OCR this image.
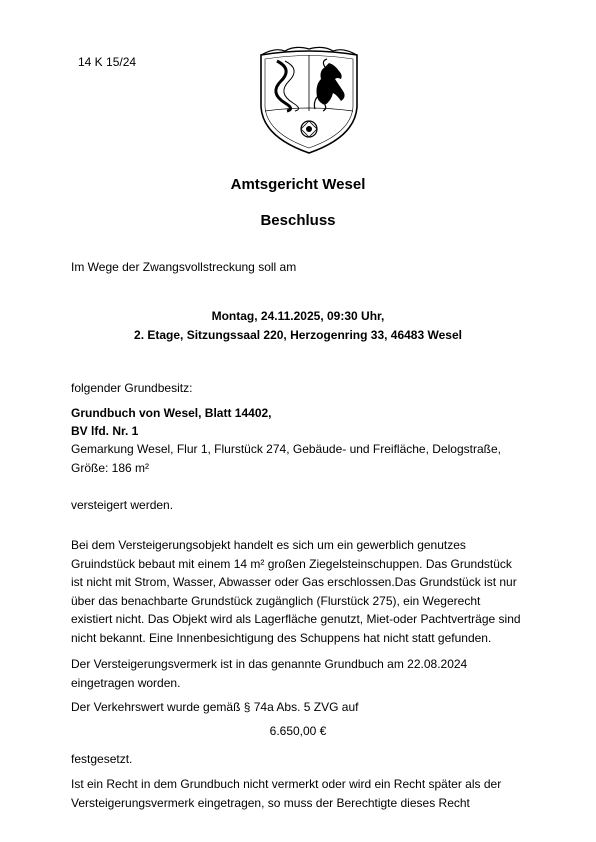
14 K 15/24
Amtsgericht Wesel
Beschluss
Im Wege der Zwangsvollstreckung soll am
Montag, 24.11.2025, 09:30 Uhr,
2. Etage, Sitzungssaal 220, Herzogenring 33, 46483 Wesel
folgender Grundbesitz:
Grundbuch von Wesel, Blatt 14402,
BV lfd. Nr. 1
Gemarkung Wesel, Flur 1, Flurstück 274, Gebäude- und Freifläche, Delogstraße,
Größe: 186 m²
versteigert werden.
Bei dem Versteigerungsobjekt handelt es sich um ein gewerblich genutzes
Gruindstück bebaut mit einem 14 m² großen Ziegelsteinschuppen. Das Grundstück
ist nicht mit Strom, Wasser, Abwasser oder Gas erschlossen.Das Grundstück ist nur
über das benachbarte Grundstück zugänglich (Flurstück 275), ein Wegerecht
existiert nicht. Das Objekt wird als Lagerfläche genutzt, Miet-oder Pachtverträge sind
nicht bekannt. Eine Innenbesichtigung des Schuppens hat nicht statt gefunden.
Der Versteigerungsvermerk ist in das genannte Grundbuch am 22.08.2024
eingetragen worden.
Der Verkehrswert wurde gemäß § 74a Abs. 5 ZVG auf
6.650,00 €
festgesetzt.
Ist ein Recht in dem Grundbuch nicht vermerkt oder wird ein Recht später als der
Versteigerungsvermerk eingetragen, so muss der Berechtigte dieses Recht
